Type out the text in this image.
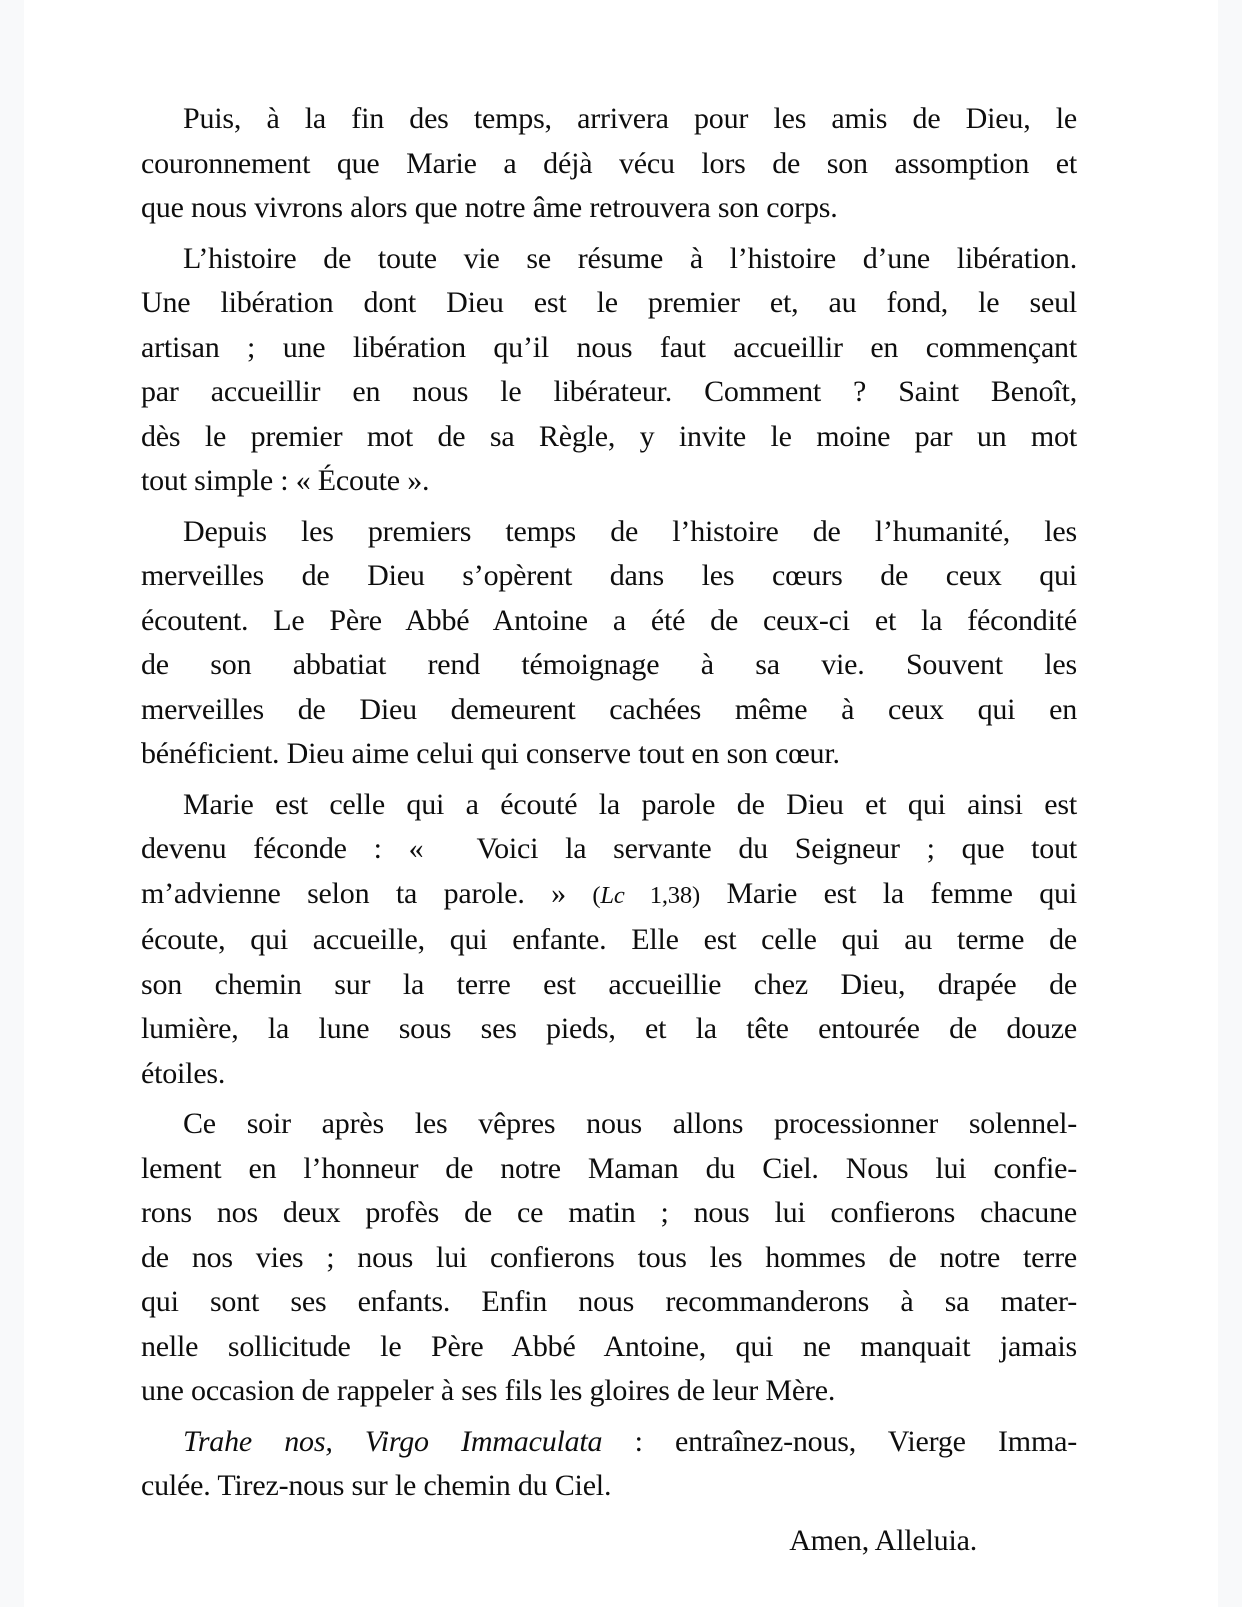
Puis, à la fin des temps, arrivera pour les amis de Dieu, le
couronnement que Marie a déjà vécu lors de son assomption et
que nous vivrons alors que notre âme retrouvera son corps.
L’histoire de toute vie se résume à l’histoire d’une libération.
Une libération dont Dieu est le premier et, au fond, le seul
artisan ; une libération qu’il nous faut accueillir en commençant
par accueillir en nous le libérateur. Comment ? Saint Benoît,
dès le premier mot de sa Règle, y invite le moine par un mot
tout simple : « Écoute ».
Depuis les premiers temps de l’histoire de l’humanité, les
merveilles de Dieu s’opèrent dans les cœurs de ceux qui
écoutent. Le Père Abbé Antoine a été de ceux-ci et la fécondité
de son abbatiat rend témoignage à sa vie. Souvent les
merveilles de Dieu demeurent cachées même à ceux qui en
bénéficient. Dieu aime celui qui conserve tout en son cœur.
Marie est celle qui a écouté la parole de Dieu et qui ainsi est
devenu féconde : «  Voici la servante du Seigneur ; que tout
m’advienne selon ta parole. » (Lc 1,38) Marie est la femme qui
écoute, qui accueille, qui enfante. Elle est celle qui au terme de
son chemin sur la terre est accueillie chez Dieu, drapée de
lumière, la lune sous ses pieds, et la tête entourée de douze
étoiles.
Ce soir après les vêpres nous allons processionner solennel-
lement en l’honneur de notre Maman du Ciel. Nous lui confie-
rons nos deux profès de ce matin ; nous lui confierons chacune
de nos vies ; nous lui confierons tous les hommes de notre terre
qui sont ses enfants. Enfin nous recommanderons à sa mater-
nelle sollicitude le Père Abbé Antoine, qui ne manquait jamais
une occasion de rappeler à ses fils les gloires de leur Mère.
Trahe nos, Virgo Immaculata : entraînez-nous, Vierge Imma-
culée. Tirez-nous sur le chemin du Ciel.
Amen, Alleluia.
